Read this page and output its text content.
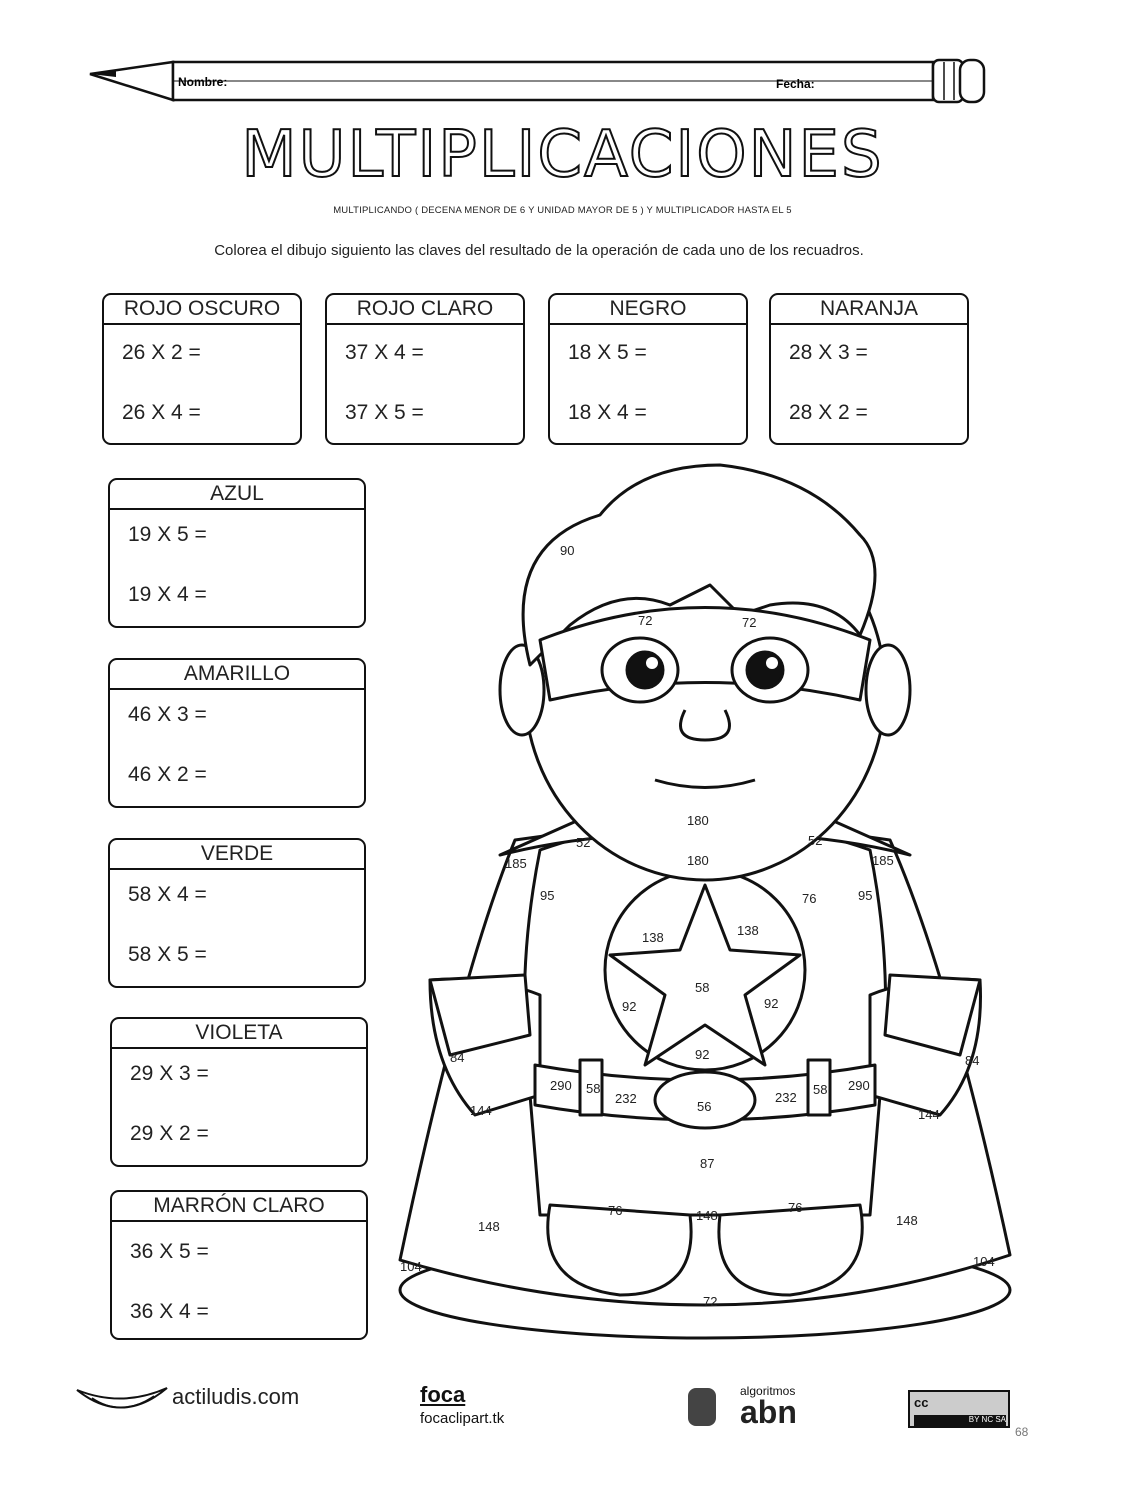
Nombre:	Fecha:
MULTIPLICACIONES
MULTIPLICANDO ( DECENA MENOR DE 6 Y UNIDAD MAYOR DE 5 ) Y MULTIPLICADOR HASTA EL 5
Colorea el dibujo siguiento las claves del resultado de la operación de cada uno de los recuadros.
ROJO OSCURO
26 X 2 =
26 X 4 =
ROJO CLARO
37 X 4 =
37 X 5 =
NEGRO
18 X 5 =
18 X 4 =
NARANJA
28 X 3 =
28 X 2 =
AZUL
19 X 5 =
19 X 4 =
AMARILLO
46 X 3 =
46 X 2 =
VERDE
58 X 4 =
58 X 5 =
VIOLETA
29 X 3 =
29 X 2 =
MARRÓN CLARO
36 X 5 =
36 X 4 =
90
72	72
180
52	52
180
185	185
95	95
76
138	138
58
92	92
92
84	84
290 58
232
56
232
58 290
144	144
87
76	76
148
148	148
104	104
72
actiludis.com	foca
focaclipart.tk
algoritmos
abn	cc
BY NC SA
68
